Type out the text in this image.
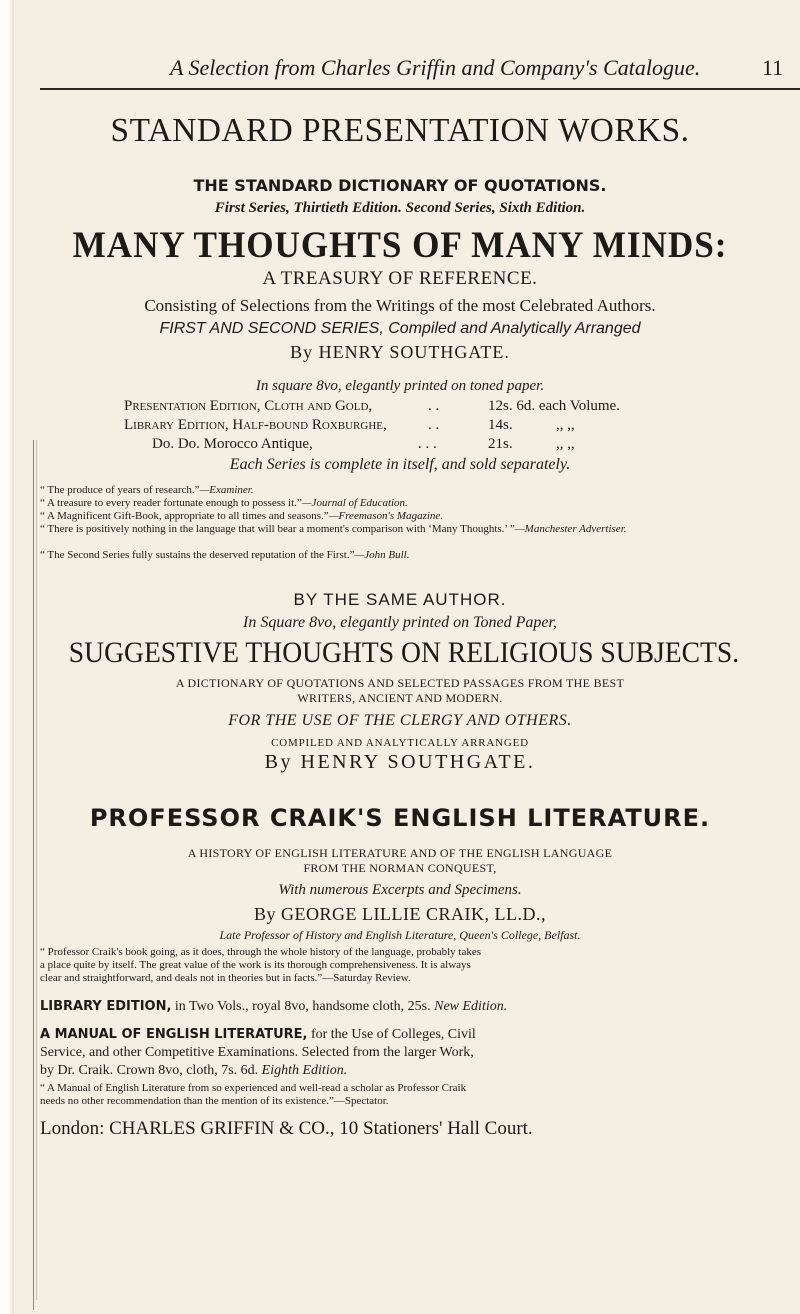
A Selection from Charles Griffin and Company's Catalogue.	11
STANDARD PRESENTATION WORKS.
THE STANDARD DICTIONARY OF QUOTATIONS.
First Series, Thirtieth Edition. Second Series, Sixth Edition.
MANY THOUGHTS OF MANY MINDS:
A TREASURY OF REFERENCE.
Consisting of Selections from the Writings of the most Celebrated Authors.
FIRST AND SECOND SERIES, Compiled and Analytically Arranged
By HENRY SOUTHGATE.
In square 8vo, elegantly printed on toned paper.
Presentation Edition, Cloth and Gold,	. .	12s. 6d. each Volume.
Library Edition, Half-bound Roxburghe,	. .	14s.	,, ,,
Do. Do. Morocco Antique,	. . .	21s.	,, ,,
Each Series is complete in itself, and sold separately.
“ The produce of years of research.”—Examiner.
“ A treasure to every reader fortunate enough to possess it.”—Journal of Education.
“ A Magnificent Gift-Book, appropriate to all times and seasons.”—Freemason's Magazine.
“ There is positively nothing in the language that will bear a moment's comparison with ‘Many Thoughts.’ ”—Manchester Advertiser.
“ The Second Series fully sustains the deserved reputation of the First.”—John Bull.
BY THE SAME AUTHOR.
In Square 8vo, elegantly printed on Toned Paper,
SUGGESTIVE THOUGHTS ON RELIGIOUS SUBJECTS.
A DICTIONARY OF QUOTATIONS AND SELECTED PASSAGES FROM THE BEST
WRITERS, ANCIENT AND MODERN.
FOR THE USE OF THE CLERGY AND OTHERS.
COMPILED AND ANALYTICALLY ARRANGED
By HENRY SOUTHGATE.
PROFESSOR CRAIK'S ENGLISH LITERATURE.
A HISTORY OF ENGLISH LITERATURE AND OF THE ENGLISH LANGUAGE
FROM THE NORMAN CONQUEST,
With numerous Excerpts and Specimens.
By GEORGE LILLIE CRAIK, LL.D.,
Late Professor of History and English Literature, Queen's College, Belfast.
“ Professor Craik's book going, as it does, through the whole history of the language, probably takes
a place quite by itself. The great value of the work is its thorough comprehensiveness. It is always
clear and straightforward, and deals not in theories but in facts.”—Saturday Review.
LIBRARY EDITION, in Two Vols., royal 8vo, handsome cloth, 25s. New Edition.
A MANUAL OF ENGLISH LITERATURE, for the Use of Colleges, Civil
Service, and other Competitive Examinations. Selected from the larger Work,
by Dr. Craik. Crown 8vo, cloth, 7s. 6d. Eighth Edition.
“ A Manual of English Literature from so experienced and well-read a scholar as Professor Craik
needs no other recommendation than the mention of its existence.”—Spectator.
London: CHARLES GRIFFIN & CO., 10 Stationers' Hall Court.
